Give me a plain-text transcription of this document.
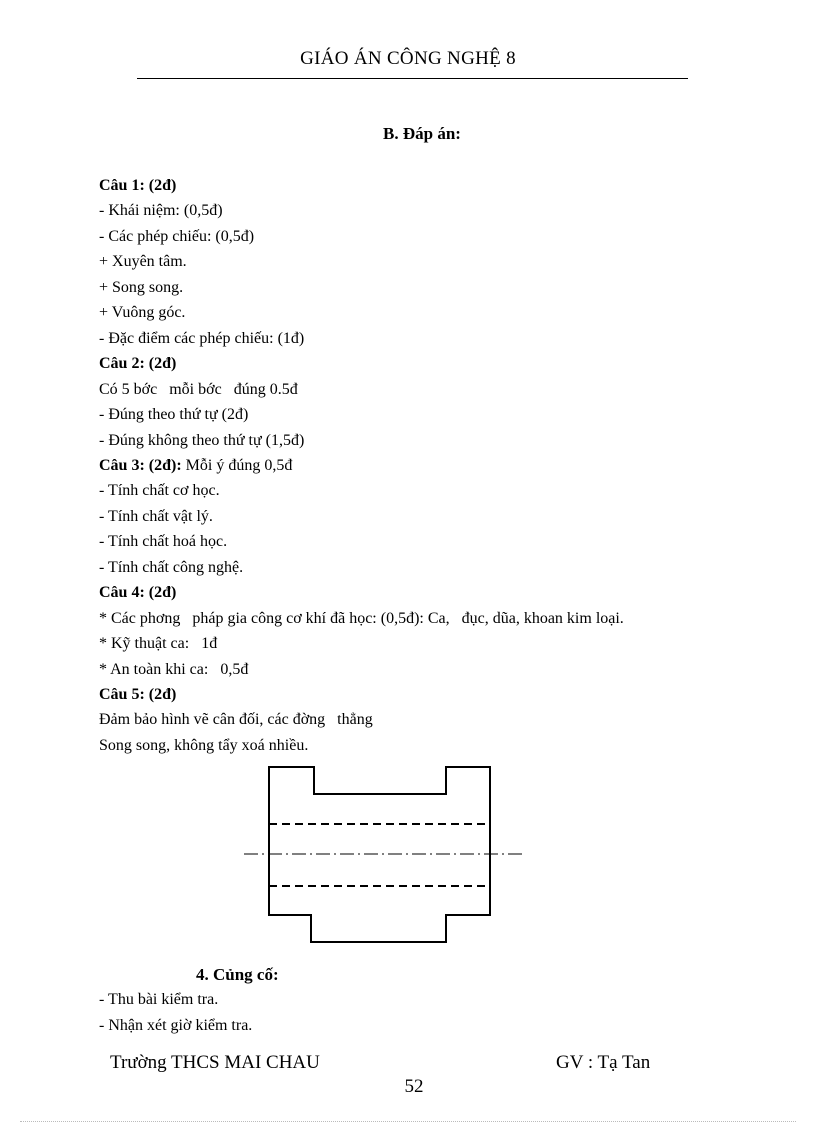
GIÁO ÁN CÔNG NGHỆ 8
B. Đáp án:
Câu 1: (2đ)
- Khái niệm: (0,5đ)
- Các phép chiếu: (0,5đ)
+ Xuyên tâm.
+ Song song.
+ Vuông góc.
- Đặc điểm các phép chiếu: (1đ)
Câu 2: (2đ)
Có 5 bớc   mỗi bớc   đúng 0.5đ
- Đúng theo thứ tự (2đ)
- Đúng không theo thứ tự (1,5đ)
Câu 3: (2đ): Mỗi ý đúng 0,5đ
- Tính chất cơ học.
- Tính chất vật lý.
- Tính chất hoá học.
- Tính chất công nghệ.
Câu 4: (2đ)
* Các phơng   pháp gia công cơ khí đã học: (0,5đ): Ca,   đục, dũa, khoan kim loại.
* Kỹ thuật ca:   1đ
* An toàn khi ca:   0,5đ
Câu 5: (2đ)
Đảm bảo hình vẽ cân đối, các đờng   thẳng
Song song, không tẩy xoá nhiều.
4. Củng cố:
- Thu bài kiểm tra.
- Nhận xét giờ kiểm tra.
Trường THCS MAI CHAU	GV : Tạ Tan
52
